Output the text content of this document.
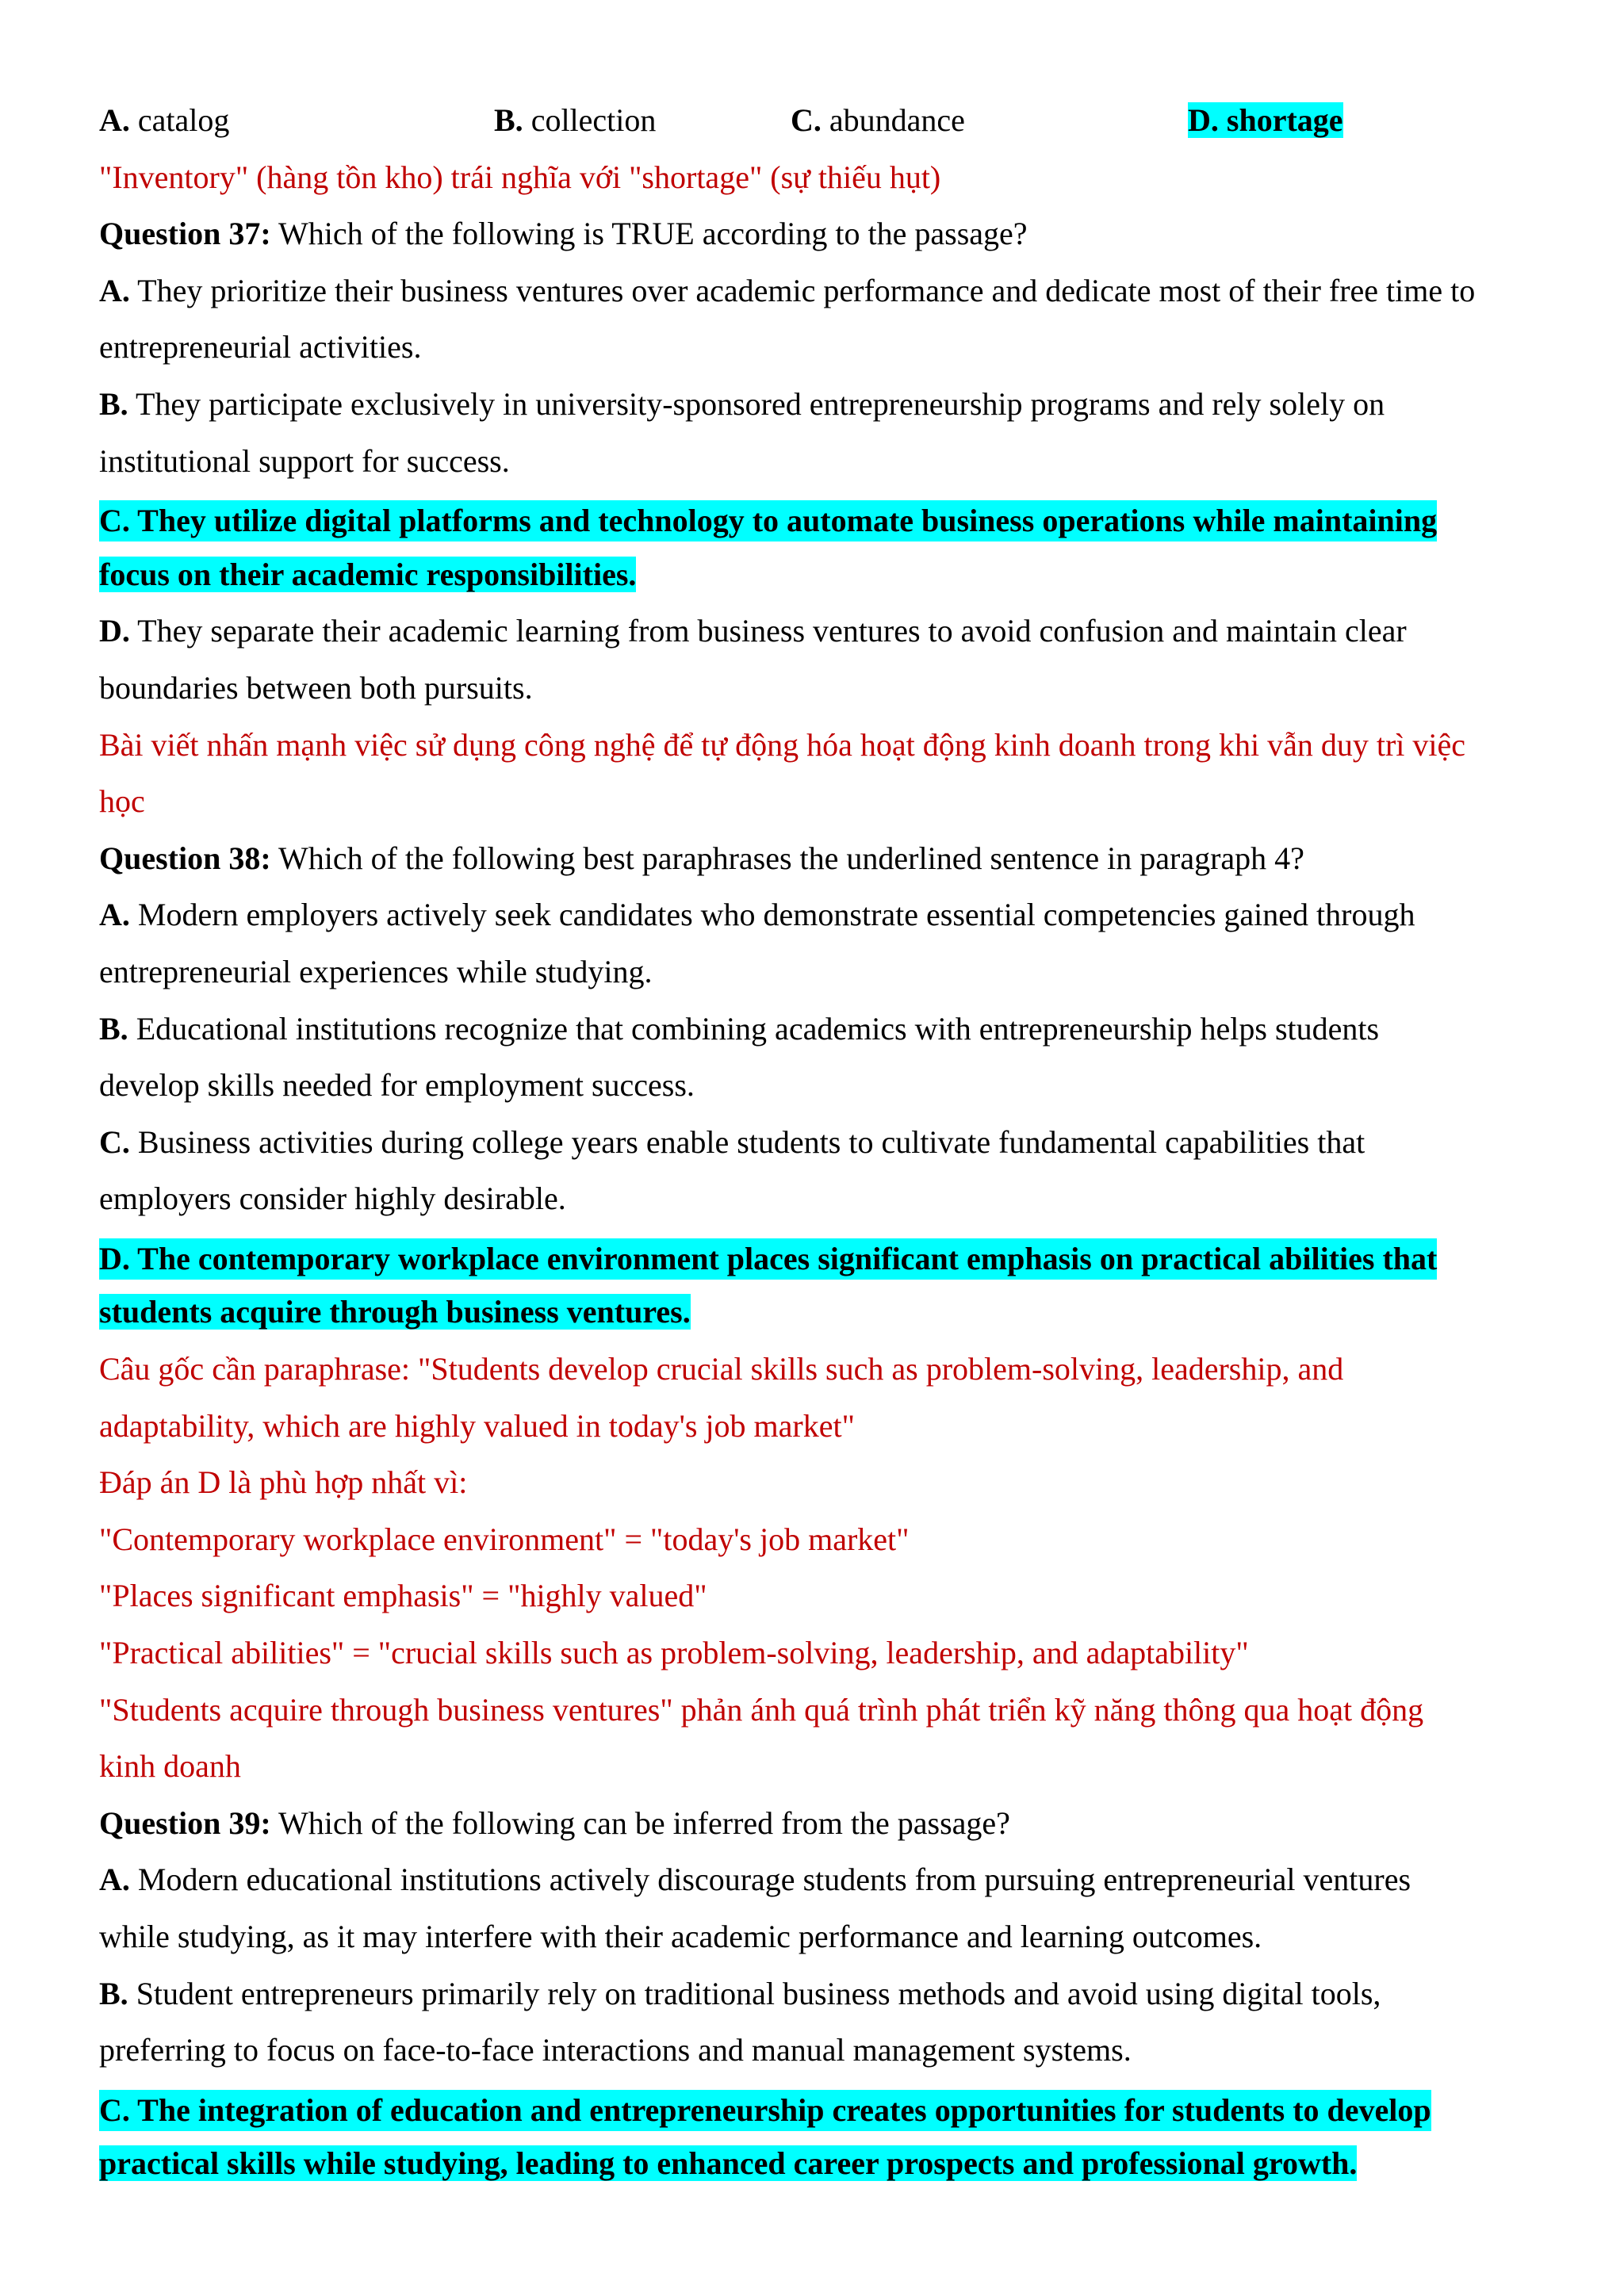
A. catalog	B. collection	C. abundance	D. shortage
"Inventory" (hàng tồn kho) trái nghĩa với "shortage" (sự thiếu hụt)
Question 37: Which of the following is TRUE according to the passage?
A. They prioritize their business ventures over academic performance and dedicate most of their free time to
entrepreneurial activities.
B. They participate exclusively in university-sponsored entrepreneurship programs and rely solely on
institutional support for success.
C. They utilize digital platforms and technology to automate business operations while maintaining
focus on their academic responsibilities.
D. They separate their academic learning from business ventures to avoid confusion and maintain clear
boundaries between both pursuits.
Bài viết nhấn mạnh việc sử dụng công nghệ để tự động hóa hoạt động kinh doanh trong khi vẫn duy trì việc
học
Question 38: Which of the following best paraphrases the underlined sentence in paragraph 4?
A. Modern employers actively seek candidates who demonstrate essential competencies gained through
entrepreneurial experiences while studying.
B. Educational institutions recognize that combining academics with entrepreneurship helps students
develop skills needed for employment success.
C. Business activities during college years enable students to cultivate fundamental capabilities that
employers consider highly desirable.
D. The contemporary workplace environment places significant emphasis on practical abilities that
students acquire through business ventures.
Câu gốc cần paraphrase: "Students develop crucial skills such as problem-solving, leadership, and
adaptability, which are highly valued in today's job market"
Đáp án D là phù hợp nhất vì:
"Contemporary workplace environment" = "today's job market"
"Places significant emphasis" = "highly valued"
"Practical abilities" = "crucial skills such as problem-solving, leadership, and adaptability"
"Students acquire through business ventures" phản ánh quá trình phát triển kỹ năng thông qua hoạt động
kinh doanh
Question 39: Which of the following can be inferred from the passage?
A. Modern educational institutions actively discourage students from pursuing entrepreneurial ventures
while studying, as it may interfere with their academic performance and learning outcomes.
B. Student entrepreneurs primarily rely on traditional business methods and avoid using digital tools,
preferring to focus on face-to-face interactions and manual management systems.
C. The integration of education and entrepreneurship creates opportunities for students to develop
practical skills while studying, leading to enhanced career prospects and professional growth.
